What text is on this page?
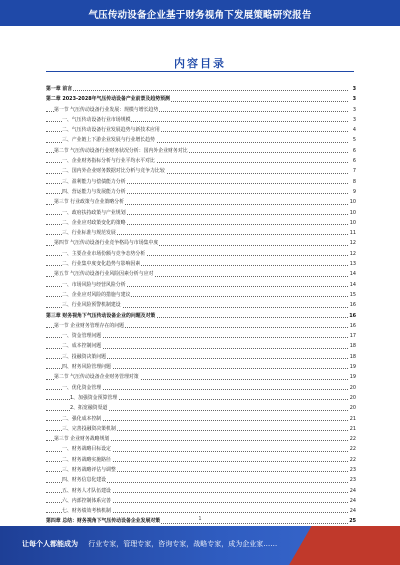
气压传动设备企业基于财务视角下发展策略研究报告
内容目录
第一章 前言	3
第二章 2023-2028年气压传动设备产业前景及趋势预测	3
第一节 气压传动设备行业发展：规模与增长趋势	3
一、气压传动设备行业市场规模	3
二、气压传动设备行业发展趋势与新技术应用	4
三、产业链上下游企业发展与行业增长趋势	5
第二节 气压传动设备行业财务状况分析：国内外企业财务对比	6
一、企业财务指标分析与行业平均水平对比	6
二、国内外企业财务数据对比分析与竞争力比较	7
三、盈利能力与偿债能力分析	8
四、营运能力与发展能力分析	9
第三节 行业政策与企业策略分析	10
一、政府扶持政策与产业规划	10
二、企业应对政策变化的策略	10
三、行业标准与规范发展	11
第四节 气压传动设备行业竞争格局与市场集中度	12
一、主要企业市场份额与竞争态势分析	12
二、行业集中度变化趋势与影响因素	13
第五节 气压传动设备行业风险因素分析与应对	14
一、市场风险与经营风险分析	14
二、企业应对风险的措施与建议	15
三、行业风险预警机制建设	16
第三章 财务视角下气压传动设备企业的问题及对策	16
第一节 企业财务管理存在的问题	16
一、资金管理问题	17
二、成本控制问题	18
三、投融资决策问题	18
四、财务风险管理问题	19
第二节 气压传动设备企业财务管理对策	19
一、优化资金管理	20
1、加强资金预算管理	20
2、拓宽融资渠道	20
二、强化成本控制	21
三、完善投融资决策机制	21
第三节 企业财务战略规划	22
一、财务战略目标设定	22
二、财务战略实施路径	22
三、财务战略评估与调整	23
四、财务信息化建设	23
五、财务人才队伍建设	24
六、内部控制体系完善	24
七、财务绩效考核机制	24
第四章 总结：财务视角下气压传动设备企业发展对策	25
1
让每个人都能成为 行业专家，管理专家，咨询专家，战略专家，成为企业家……
